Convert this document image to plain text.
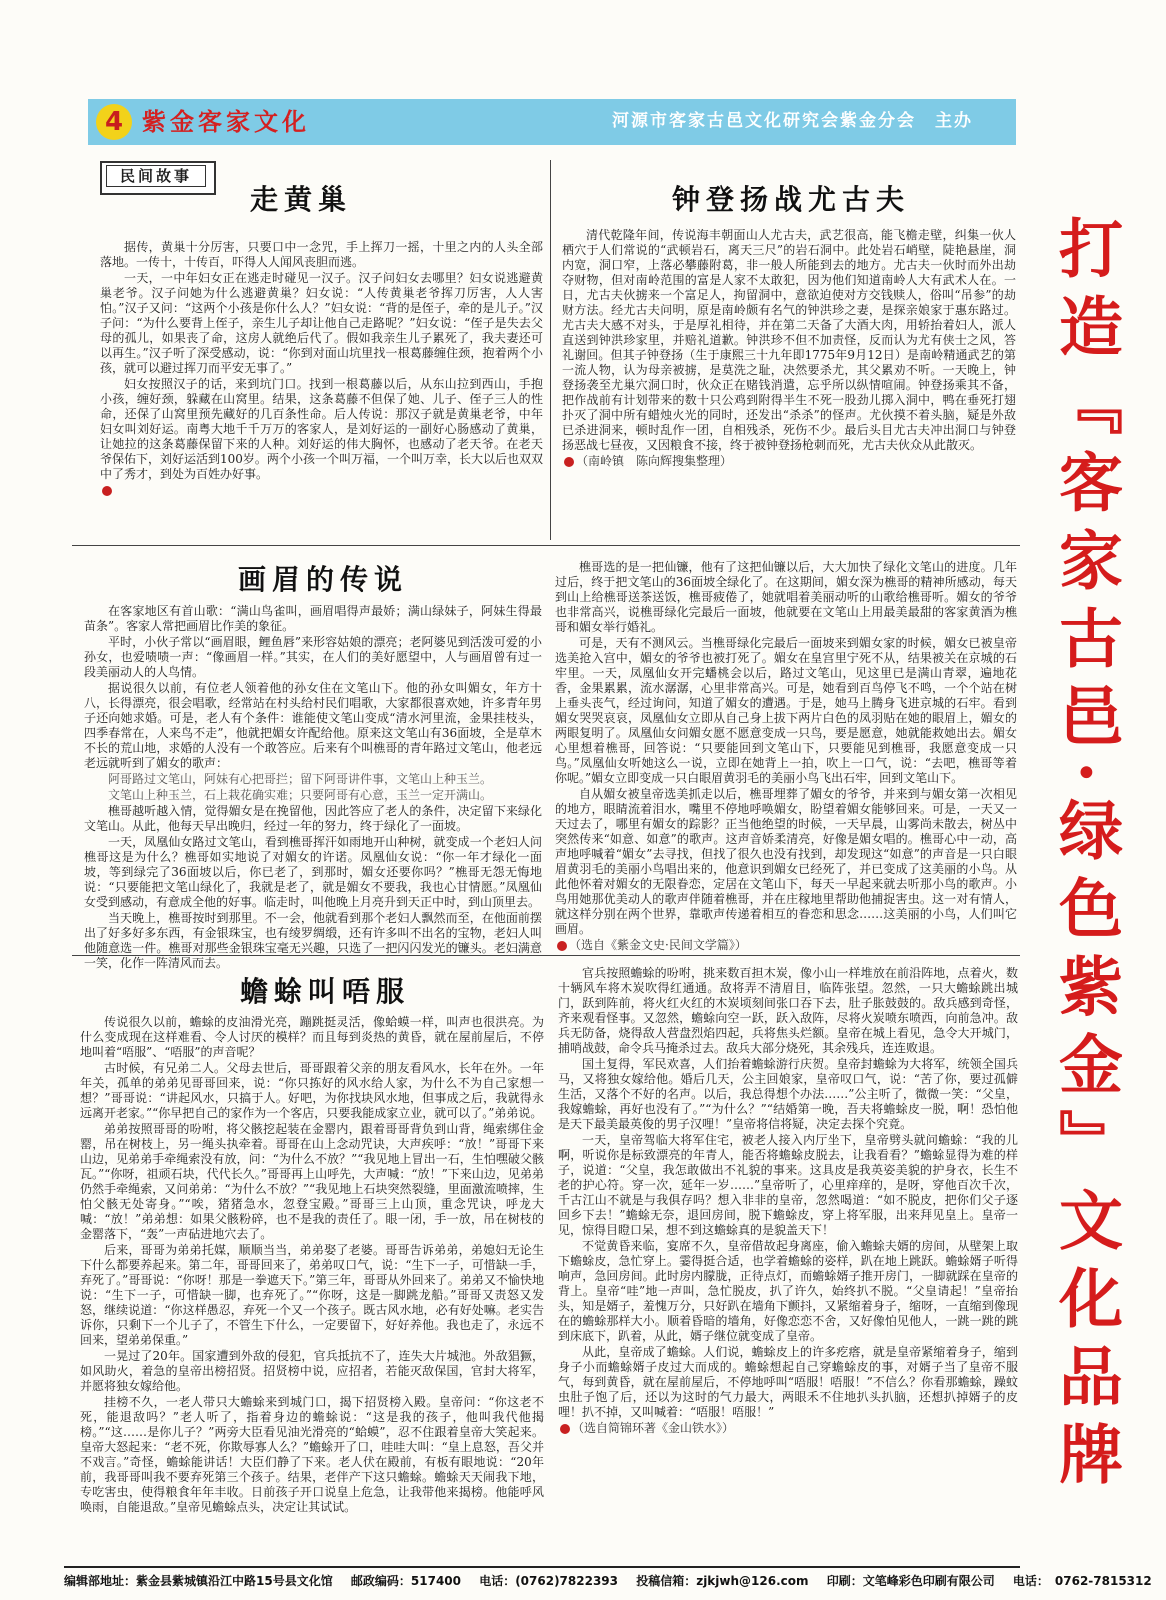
4 紫金客家文化	河源市客家古邑文化研究会紫金分会　主办
民间故事
走黄巢

据传，黄巢十分厉害，只要口中一念咒，手上挥刀一摇，十里之内的人头全部落地。一传十，十传百，吓得人人闻风丧胆而逃。

一天，一中年妇女正在逃走时碰见一汉子。汉子问妇女去哪里？妇女说逃避黄巢老爷。汉子问她为什么逃避黄巢？妇女说：“人传黄巢老爷挥刀厉害，人人害怕。”汉子又问：“这两个小孩是你什么人？”妇女说：“背的是侄子，牵的是儿子。”汉子问：“为什么要背上侄子，亲生儿子却让他自己走路呢？”妇女说：“侄子是失去父母的孤儿，如果丧了命，这房人就绝后代了。假如我亲生儿子累死了，我夫妻还可以再生。”汉子听了深受感动，说：“你到对面山坑里找一根葛藤缠住颈，抱着两个小孩，就可以避过挥刀而平安无事了。”

妇女按照汉子的话，来到坑门口。找到一根葛藤以后，从东山拉到西山，手抱小孩，缠好颈，躲藏在山窝里。结果，这条葛藤不但保了她、儿子、侄子三人的性命，还保了山窝里预先藏好的几百条性命。后人传说：那汉子就是黄巢老爷，中年妇女叫刘好运。南粤大地千千万万的客家人，是刘好运的一副好心肠感动了黄巢，让她拉的这条葛藤保留下来的人种。刘好运的伟大胸怀，也感动了老天爷。在老天爷保佑下，刘好运活到100岁。两个小孩一个叫万福，一个叫万幸，长大以后也双双中了秀才，到处为百姓办好事。

钟登扬战尤古夫

清代乾隆年间，传说海丰朝面山人尤古夫，武艺很高，能飞檐走壁，纠集一伙人栖穴于人们常说的“武顿岩石，离天三尺”的岩石洞中。此处岩石峭壁，陡艳悬崖，洞内宽，洞口窄，上落必攀藤附葛，非一般人所能到去的地方。尤古夫一伙时而外出劫夺财物，但对南岭范围的富是人家不太敢犯，因为他们知道南岭人大有武术人在。一日，尤古夫伙掳来一个富足人，拘留洞中，意欲迫使对方交钱赎人，俗叫“吊参”的劫财方法。经尤古夫问明，原是南岭颇有名气的钟洪珍之妻，是探亲娘家于惠东路过。尤古夫大感不对头，于是厚礼相待，并在第二天备了大酒大肉，用轿抬着妇人，派人直送到钟洪珍家里，并赔礼道歉。钟洪珍不但不加责怪，反而认为尤有侠士之风，答礼谢回。但其子钟登扬（生于康熙三十九年即1775年9月12日）是南岭精通武艺的第一流人物，认为母亲被掳，是莫洗之耻，决然要杀尤，其父累劝不听。一天晚上，钟登扬袭至尤巢穴洞口时，伙众正在赌钱消遣，忘乎所以纵情喧闹。钟登扬乘其不备，把作战前有计划带来的数十只公鸡到附得半生不死一股劲儿掷入洞中，鸭在垂死打翅扑灭了洞中所有蜡烛火光的同时，还发出“杀杀”的怪声。尤伙摸不着头脑，疑是外敌已杀进洞来，顿时乱作一团，自相残杀，死伤不少。最后头目尤古夫冲出洞口与钟登扬恶战七昼夜，又因粮食不接，终于被钟登扬枪刺而死，尤古夫伙众从此散灭。

（南岭镇　陈向辉搜集整理）
画眉的传说

在客家地区有首山歌：“满山鸟雀叫，画眉唱得声最娇；满山绿妹子，阿妹生得最苗条”。客家人常把画眉比作美的象征。

平时，小伙子常以“画眉眼，鲤鱼唇”来形容姑娘的漂亮；老阿婆见到活泼可爱的小孙女，也爱啧啧一声：“像画眉一样。”其实，在人们的美好愿望中，人与画眉曾有过一段美丽动人的人鸟情。

据说很久以前，有位老人领着他的孙女住在文笔山下。他的孙女叫媚女，年方十八，长得漂亮，很会唱歌，经常站在村头给村民们唱歌，大家都很喜欢她，许多青年男子还向她求婚。可是，老人有个条件：谁能使文笔山变成“清水河里流，金果挂枝头，四季春常在，人来鸟不走”，他就把媚女许配给他。原来这文笔山有36面坡，全是草木不长的荒山地，求婚的人没有一个敢答应。后来有个叫樵哥的青年路过文笔山，他老远老远就听到了媚女的歌声：

阿哥路过文笔山，阿妹有心把哥拦；留下阿哥讲件事，文笔山上种玉兰。

文笔山上种玉兰，石上栽花确实难；只要阿哥有心意，玉兰一定开满山。

樵哥越听越入情，觉得媚女是在挽留他，因此答应了老人的条件，决定留下来绿化文笔山。从此，他每天早出晚归，经过一年的努力，终于绿化了一面坡。

一天，凤凰仙女路过文笔山，看到樵哥挥汗如雨地开山种树，就变成一个老妇人问樵哥这是为什么？樵哥如实地说了对媚女的许诺。凤凰仙女说：“你一年才绿化一面坡，等到绿完了36面坡以后，你已老了，到那时，媚女还要你吗？”樵哥无怨无悔地说：“只要能把文笔山绿化了，我就是老了，就是媚女不要我，我也心甘情愿。”凤凰仙女受到感动，有意成全他的好事。临走时，叫他晚上月亮升到天正中时，到山顶里去。

当天晚上，樵哥按时到那里。不一会，他就看到那个老妇人飘然而至，在他面前摆出了好多好多东西，有金银珠宝，也有绫罗绸缎，还有许多叫不出名的宝物，老妇人叫他随意选一件。樵哥对那些金银珠宝毫无兴趣，只选了一把闪闪发光的镰头。老妇满意一笑，化作一阵清风而去。

樵哥选的是一把仙镰，他有了这把仙镰以后，大大加快了绿化文笔山的进度。几年过后，终于把文笔山的36面坡全绿化了。在这期间，媚女深为樵哥的精神所感动，每天到山上给樵哥送茶送饭，樵哥疲倦了，她就唱着美丽动听的山歌给樵哥听。媚女的爷爷也非常高兴，说樵哥绿化完最后一面坡，他就要在文笔山上用最美最甜的客家黄酒为樵哥和媚女举行婚礼。

可是，天有不测风云。当樵哥绿化完最后一面坡来到媚女家的时候，媚女已被皇帝选美抢入宫中，媚女的爷爷也被打死了。媚女在皇宫里宁死不从，结果被关在京城的石牢里。一天，凤凰仙女开完蟠桃会以后，路过文笔山，见这里已是满山青翠，遍地花香，金果累累，流水潺潺，心里非常高兴。可是，她看到百鸟停飞不鸣，一个个站在树上垂头丧气，经过询问，知道了媚女的遭遇。于是，她马上腾身飞进京城的石牢。看到媚女哭哭哀哀，凤凰仙女立即从自己身上拔下两片白色的凤羽贴在她的眼眉上，媚女的两眼复明了。凤凰仙女问媚女愿不愿意变成一只鸟，要是愿意，她就能救她出去。媚女心里想着樵哥，回答说：“只要能回到文笔山下，只要能见到樵哥，我愿意变成一只鸟。”凤凰仙女听她这么一说，立即在她背上一拍，吹上一口气，说：“去吧，樵哥等着你呢。”媚女立即变成一只白眼眉黄羽毛的美丽小鸟飞出石牢，回到文笔山下。

自从媚女被皇帝选美抓走以后，樵哥埋葬了媚女的爷爷，并来到与媚女第一次相见的地方，眼睛流着泪水，嘴里不停地呼唤媚女，盼望着媚女能够回来。可是，一天又一天过去了，哪里有媚女的踪影？正当他绝望的时候，一天早晨，山雾尚未散去，树丛中突然传来“如意、如意”的歌声。这声音娇柔清亮，好像是媚女唱的。樵哥心中一动，高声地呼喊着“媚女”去寻找，但找了很久也没有找到，却发现这“如意”的声音是一只白眼眉黄羽毛的美丽小鸟唱出来的，他意识到媚女已经死了，并已变成了这美丽的小鸟。从此他怀着对媚女的无限眷恋，定居在文笔山下，每天一早起来就去听那小鸟的歌声。小鸟用她那优美动人的歌声伴随着樵哥，并在庄稼地里帮助他捕捉害虫。这一对有情人，就这样分别在两个世界，靠歌声传递着相互的眷恋和思念……这美丽的小鸟，人们叫它画眉。

（选自《紫金文史·民间文学篇》）
蟾蜍叫唔服

传说很久以前，蟾蜍的皮油滑光亮，蹦跳挺灵活，像蛤蟆一样，叫声也很洪亮。为什么变成现在这样难看、令人讨厌的模样？而且每到炎热的黄昏，就在屋前屋后，不停地叫着“唔服”、“唔服”的声音呢？

古时候，有兄弟二人。父母去世后，哥哥跟着父亲的朋友看风水，长年在外。一年年关，孤单的弟弟见哥哥回来，说：“你只拣好的风水给人家，为什么不为自己家想一想？”哥哥说：“讲起风水，只搞于人。好吧，为你找块风水地，但事成之后，我就得永远离开老家。”“你早把自己的家作为一个客店，只要我能成家立业，就可以了。”弟弟说。

弟弟按照哥哥的吩咐，将父骸挖起装在金罂内，跟着哥哥背负到山背，绳索绑住金罂，吊在树枝上，另一绳头执牵着。哥哥在山上念动咒诀，大声疾呼：“放！”哥哥下来山边，见弟弟手牵绳索没有放，问：“为什么不放？”“我见地上冒出一石，生怕嘿破父骸瓦。”“你呀，祖顽石块，代代长久。”哥哥再上山呼先，大声喊：“放！”下来山边，见弟弟仍然手牵绳索，又问弟弟：“为什么不放？”“我见地上石块突然裂缝，里面激流喷摔，生怕父骸无处寄身。”“唉，猪猪急水，忽登宝殿。”哥哥三上山顶，重念咒诀，呼龙大喊：“放！”弟弟想：如果父骸粉碎，也不是我的责任了。眼一闭，手一放，吊在树枝的金罂落下，“轰”一声砧进地穴去了。

后来，哥哥为弟弟托媒，顺顺当当，弟弟娶了老婆。哥哥告诉弟弟，弟媳妇无论生下什么都要养起来。第二年，哥哥回来了，弟弟叹口气，说：“生下一子，可惜缺一手，弃死了。”哥哥说：“你呀！那是一拳遮天下。”第三年，哥哥从外回来了。弟弟又不愉快地说：“生下一子，可惜缺一脚，也弃死了。”“你呀，这是一脚跳龙船。”哥哥又责怒又发怒，继续说道：“你这样愚忍，弃死一个又一个孩子。既古风水地，必有好处嘛。老实告诉你，只剩下一个儿子了，不管生下什么，一定要留下，好好养他。我也走了，永远不回来，望弟弟保重。”

一晃过了20年。国家遭到外敌的侵犯，官兵抵抗不了，连失大片城池。外敌猖獗，如风助火，着急的皇帝出榜招贤。招贤榜中说，应招者，若能灭敌保国，官封大将军，并愿将独女嫁给他。

挂榜不久，一老人带只大蟾蜍来到城门口，揭下招贤榜入殿。皇帝问：“你这老不死，能退敌吗？”老人听了，指着身边的蟾蜍说：“这是我的孩子，他叫我代他揭榜。”“这……是你儿子？”两旁大臣看见油光滑亮的“蛤蟆”，忍不住跟着皇帝大笑起来。皇帝大怒起来：“老不死，你欺辱寡人么？”蟾蜍开了口，哇哇大叫：“皇上息怒，吾父并不戏言。”奇怪，蟾蜍能讲话！大臣们静了下来。老人伏在殿前，有板有眼地说：“20年前，我哥哥叫我不要弃死第三个孩子。结果，老伴产下这只蟾蜍。蟾蜍天天闹我下地，专吃害虫，使得粮食年年丰收。日前孩子开口说皇上危急，让我带他来揭榜。他能呼风唤雨，自能退敌。”皇帝见蟾蜍点头，决定让其试试。

官兵按照蟾蜍的吩咐，挑来数百担木炭，像小山一样堆放在前沿阵地，点着火，数十辆风车将木炭吹得红通通。敌将弄不清眉目，临阵张望。忽然，一只大蟾蜍跳出城门，跃到阵前，将火红火红的木炭顷刻间张口吞下去，肚子胀鼓鼓的。敌兵感到奇怪，齐来观看怪事。又忽然，蟾蜍向空一跃，跃入敌阵，尽将火炭喷东喷西，向前急冲。敌兵无防备，烧得敌人营盘烈焰四起，兵将焦头烂额。皇帝在城上看见，急令大开城门，捕哨战鼓，命令兵马掩杀过去。敌兵大部分烧死，其余残兵，连连败退。

国土复得，军民欢喜，人们抬着蟾蜍游行庆贺。皇帝封蟾蜍为大将军，统领全国兵马，又将独女嫁给他。婚后几天，公主回娘家，皇帝叹口气，说：“苦了你，要过孤僻生活，又落个不好的名声。以后，我总得想个办法……”公主听了，微微一笑：“父皇，我嫁蟾蜍，再好也没有了。”“为什么？”“结婚第一晚，吾夫将蟾蜍皮一脱，啊！恐怕他是天下最美最英俊的男子汉哩！”皇帝将信将疑，决定去探个究竟。

一天，皇帝驾临大将军住宅，被老人接入内厅坐下，皇帝劈头就问蟾蜍：“我的儿啊，听说你是标致漂亮的年青人，能否将蟾蜍皮脱去，让我看看？”蟾蜍显得为难的样子，说道：“父皇，我怎敢做出不礼貌的事来。这具皮是我英姿美貌的护身衣，长生不老的护心符。穿一次，延年一岁……”皇帝听了，心里痒痒的，是呀，穿他百次千次，千古江山不就是与我俱存吗？想入非非的皇帝，忽然喝道：“如不脱皮，把你们父子逐回乡下去！”蟾蜍无奈，退回房间，脱下蟾蜍皮，穿上将军服，出来拜见皇上。皇帝一见，惊得目瞪口呆，想不到这蟾蜍真的是貌盖天下！

不觉黄昏来临，宴席不久，皇帝借故起身离座，偷入蟾蜍夫婿的房间，从壁架上取下蟾蜍皮，急忙穿上。霎得挺合适，也学着蟾蜍的姿样，趴在地上跳跃。蟾蜍婿子听得响声，急回房间。此时房内朦胧，正待点灯，而蟾蜍婿子推开房门，一脚就踩在皇帝的背上。皇帝“哇”地一声叫，急忙脱皮，扒了许久，始终扒不脱。“父皇请起！”皇帝抬头，知是婿子，羞愧万分，只好趴在墙角下颤抖，又紧缩着身子，缩呀，一直缩到像现在的蟾蜍那样大小。顺着昏暗的墙角，好像恋恋不舍，又好像怕见他人，一跳一跳的跳到床底下，趴着，从此，婿子继位就变成了皇帝。

从此，皇帝成了蟾蜍。人们说，蟾蜍皮上的许多疙瘩，就是皇帝紧缩着身子，缩到身子小而蟾蜍婿子皮过大而成的。蟾蜍想起自己穿蟾蜍皮的事，对婿子当了皇帝不服气，每到黄昏，就在屋前屋后，不停地呼叫“唔服！唔服！”不信么？你看那蟾蜍，躁蚊虫肚子饱了后，还以为这时的气力最大，两眼禾不住地扒头扒脑，还想扒掉婿子的皮哩！扒不掉，又叫喊着：“唔服！唔服！”

（选自简锦环著《金山铁水》）	打造『客家古邑·绿色紫金』文化品牌
编辑部地址：紫金县紫城镇沿江中路15号县文化馆 邮政编码：517400 电话：(0762)7822393 投稿信箱：zjkjwh@126.com 印刷：文笔峰彩色印刷有限公司 电话：　0762-7815312
